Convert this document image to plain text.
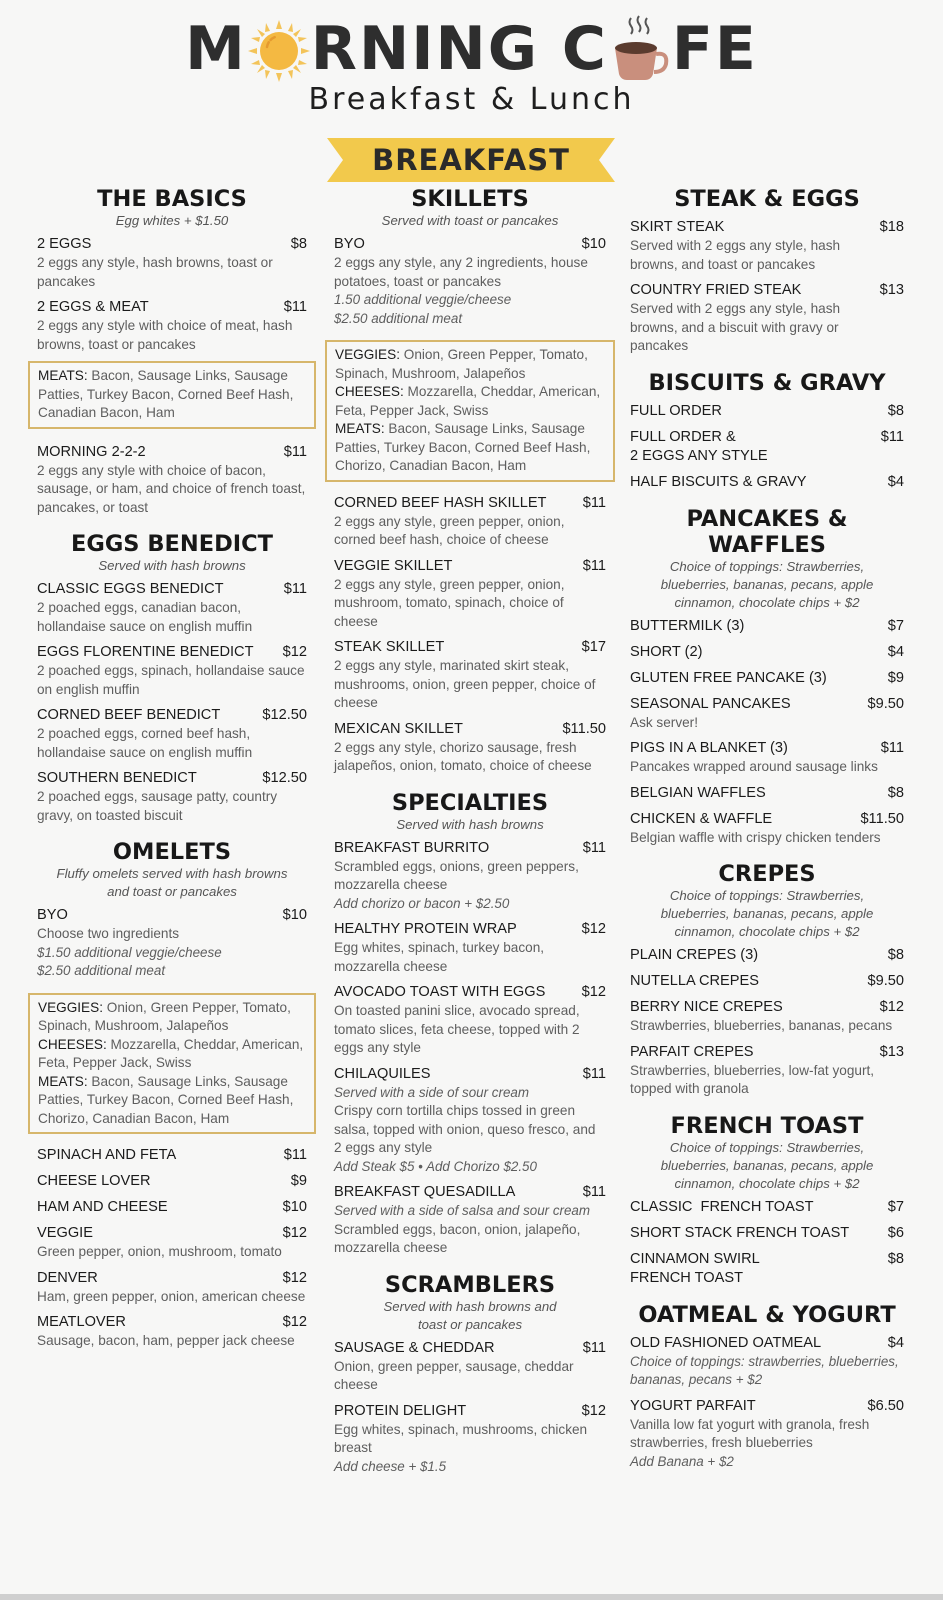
M RNING C FE
Breakfast & Lunch
BREAKFAST
THE BASICS
Egg whites + $1.50
2 EGGS	$8
2 eggs any style, hash browns, toast or pancakes
2 EGGS & MEAT	$11
2 eggs any style with choice of meat, hash browns, toast or pancakes
MEATS: Bacon, Sausage Links, Sausage Patties, Turkey Bacon, Corned Beef Hash, Canadian Bacon, Ham
MORNING 2-2-2	$11
2 eggs any style with choice of bacon, sausage, or ham, and choice of french toast, pancakes, or toast
EGGS BENEDICT
Served with hash browns
CLASSIC EGGS BENEDICT	$11
2 poached eggs, canadian bacon, hollandaise sauce on english muffin
EGGS FLORENTINE BENEDICT	$12
2 poached eggs, spinach, hollandaise sauce on english muffin
CORNED BEEF BENEDICT	$12.50
2 poached eggs, corned beef hash, hollandaise sauce on english muffin
SOUTHERN BENEDICT	$12.50
2 poached eggs, sausage patty, country gravy, on toasted biscuit
OMELETS
Fluffy omelets served with hash browns and toast or pancakes
BYO	$10
Choose two ingredients
$1.50 additional veggie/cheese
$2.50 additional meat
VEGGIES: Onion, Green Pepper, Tomato, Spinach, Mushroom, Jalapeños
CHEESES: Mozzarella, Cheddar, American, Feta, Pepper Jack, Swiss
MEATS: Bacon, Sausage Links, Sausage Patties, Turkey Bacon, Corned Beef Hash, Chorizo, Canadian Bacon, Ham
SPINACH AND FETA	$11
CHEESE LOVER	$9
HAM AND CHEESE	$10
VEGGIE	$12
Green pepper, onion, mushroom, tomato
DENVER	$12
Ham, green pepper, onion, american cheese
MEATLOVER	$12
Sausage, bacon, ham, pepper jack cheese
SKILLETS
Served with toast or pancakes
BYO	$10
2 eggs any style, any 2 ingredients, house potatoes, toast or pancakes
1.50 additional veggie/cheese
$2.50 additional meat
VEGGIES: Onion, Green Pepper, Tomato, Spinach, Mushroom, Jalapeños
CHEESES: Mozzarella, Cheddar, American, Feta, Pepper Jack, Swiss
MEATS: Bacon, Sausage Links, Sausage Patties, Turkey Bacon, Corned Beef Hash, Chorizo, Canadian Bacon, Ham
CORNED BEEF HASH SKILLET	$11
2 eggs any style, green pepper, onion, corned beef hash, choice of cheese
VEGGIE SKILLET	$11
2 eggs any style, green pepper, onion, mushroom, tomato, spinach, choice of cheese
STEAK SKILLET	$17
2 eggs any style, marinated skirt steak, mushrooms, onion, green pepper, choice of cheese
MEXICAN SKILLET	$11.50
2 eggs any style, chorizo sausage, fresh jalapeños, onion, tomato, choice of cheese
SPECIALTIES
Served with hash browns
BREAKFAST BURRITO	$11
Scrambled eggs, onions, green peppers, mozzarella cheese
Add chorizo or bacon + $2.50
HEALTHY PROTEIN WRAP	$12
Egg whites, spinach, turkey bacon, mozzarella cheese
AVOCADO TOAST WITH EGGS	$12
On toasted panini slice, avocado spread, tomato slices, feta cheese, topped with 2 eggs any style
CHILAQUILES	$11
Served with a side of sour cream
Crispy corn tortilla chips tossed in green salsa, topped with onion, queso fresco, and 2 eggs any style
Add Steak $5 • Add Chorizo $2.50
BREAKFAST QUESADILLA	$11
Served with a side of salsa and sour cream
Scrambled eggs, bacon, onion, jalapeño, mozzarella cheese
SCRAMBLERS
Served with hash browns and toast or pancakes
SAUSAGE & CHEDDAR	$11
Onion, green pepper, sausage, cheddar cheese
PROTEIN DELIGHT	$12
Egg whites, spinach, mushrooms, chicken breast
Add cheese + $1.5
STEAK & EGGS
SKIRT STEAK	$18
Served with 2 eggs any style, hash browns, and toast or pancakes
COUNTRY FRIED STEAK	$13
Served with 2 eggs any style, hash browns, and a biscuit with gravy or pancakes
BISCUITS & GRAVY
FULL ORDER	$8
FULL ORDER &	$11
2 EGGS ANY STYLE
HALF BISCUITS & GRAVY	$4
PANCAKES & WAFFLES
Choice of toppings: Strawberries, blueberries, bananas, pecans, apple cinnamon, chocolate chips + $2
BUTTERMILK (3)	$7
SHORT (2)	$4
GLUTEN FREE PANCAKE (3)	$9
SEASONAL PANCAKES	$9.50
Ask server!
PIGS IN A BLANKET (3)	$11
Pancakes wrapped around sausage links
BELGIAN WAFFLES	$8
CHICKEN & WAFFLE	$11.50
Belgian waffle with crispy chicken tenders
CREPES
Choice of toppings: Strawberries, blueberries, bananas, pecans, apple cinnamon, chocolate chips + $2
PLAIN CREPES (3)	$8
NUTELLA CREPES	$9.50
BERRY NICE CREPES	$12
Strawberries, blueberries, bananas, pecans
PARFAIT CREPES	$13
Strawberries, blueberries, low-fat yogurt, topped with granola
FRENCH TOAST
Choice of toppings: Strawberries, blueberries, bananas, pecans, apple cinnamon, chocolate chips + $2
CLASSIC  FRENCH TOAST	$7
SHORT STACK FRENCH TOAST	$6
CINNAMON SWIRL	$8
FRENCH TOAST
OATMEAL & YOGURT
OLD FASHIONED OATMEAL	$4
Choice of toppings: strawberries, blueberries, bananas, pecans + $2
YOGURT PARFAIT	$6.50
Vanilla low fat yogurt with granola, fresh strawberries, fresh blueberries
Add Banana + $2
